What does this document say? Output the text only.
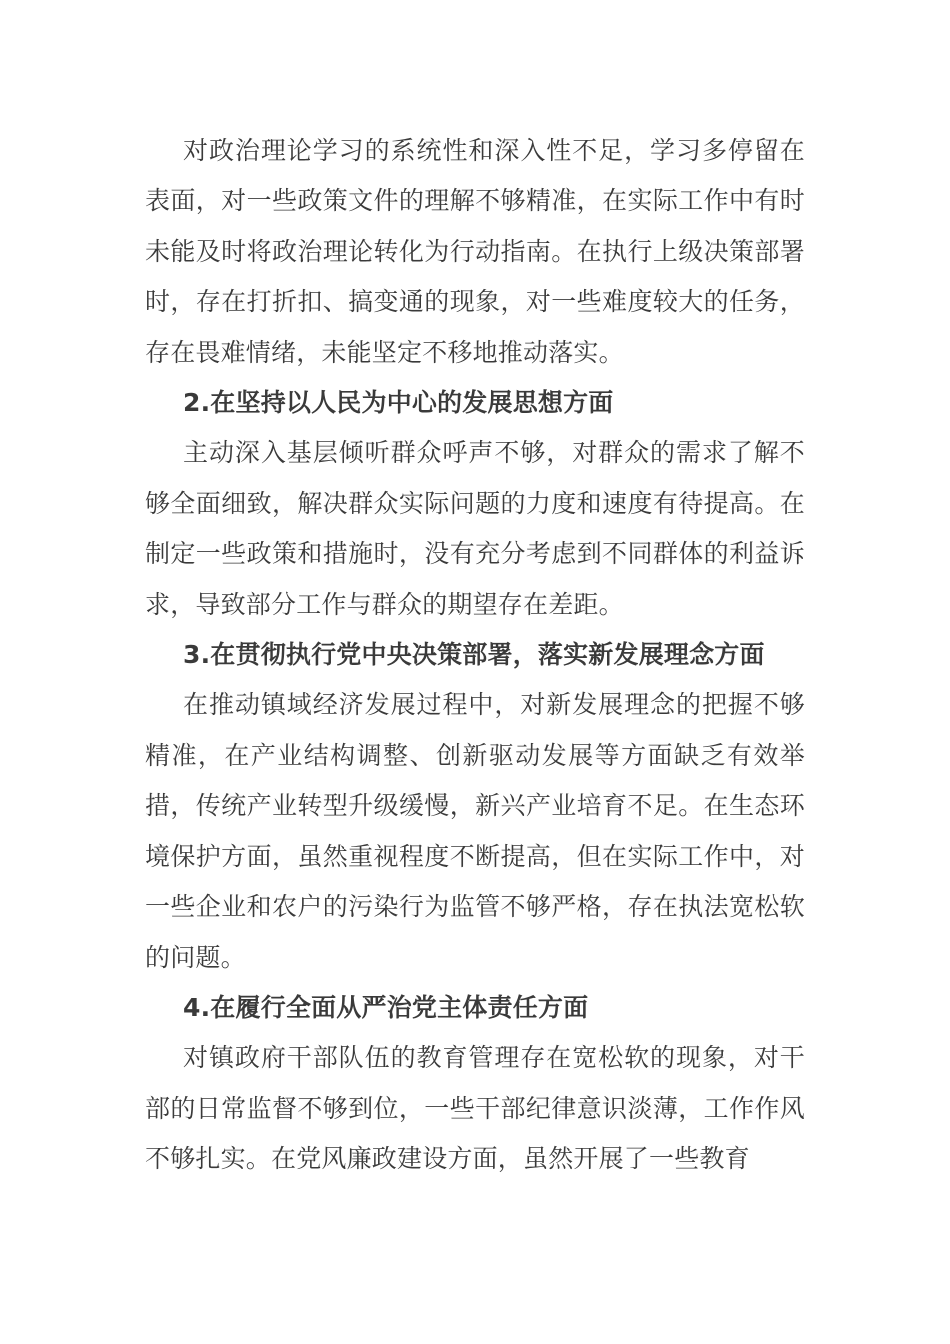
对政治理论学习的系统性和深入性不足，学习多停留在表面，对一些政策文件的理解不够精准，在实际工作中有时未能及时将政治理论转化为行动指南。在执行上级决策部署时，存在打折扣、搞变通的现象，对一些难度较大的任务，存在畏难情绪，未能坚定不移地推动落实。

2.在坚持以人民为中心的发展思想方面

主动深入基层倾听群众呼声不够，对群众的需求了解不够全面细致，解决群众实际问题的力度和速度有待提高。在制定一些政策和措施时，没有充分考虑到不同群体的利益诉求，导致部分工作与群众的期望存在差距。

3.在贯彻执行党中央决策部署，落实新发展理念方面

在推动镇域经济发展过程中，对新发展理念的把握不够精准，在产业结构调整、创新驱动发展等方面缺乏有效举措，传统产业转型升级缓慢，新兴产业培育不足。在生态环境保护方面，虽然重视程度不断提高，但在实际工作中，对一些企业和农户的污染行为监管不够严格，存在执法宽松软的问题。

4.在履行全面从严治党主体责任方面

对镇政府干部队伍的教育管理存在宽松软的现象，对干部的日常监督不够到位，一些干部纪律意识淡薄，工作作风不够扎实。在党风廉政建设方面，虽然开展了一些教育
